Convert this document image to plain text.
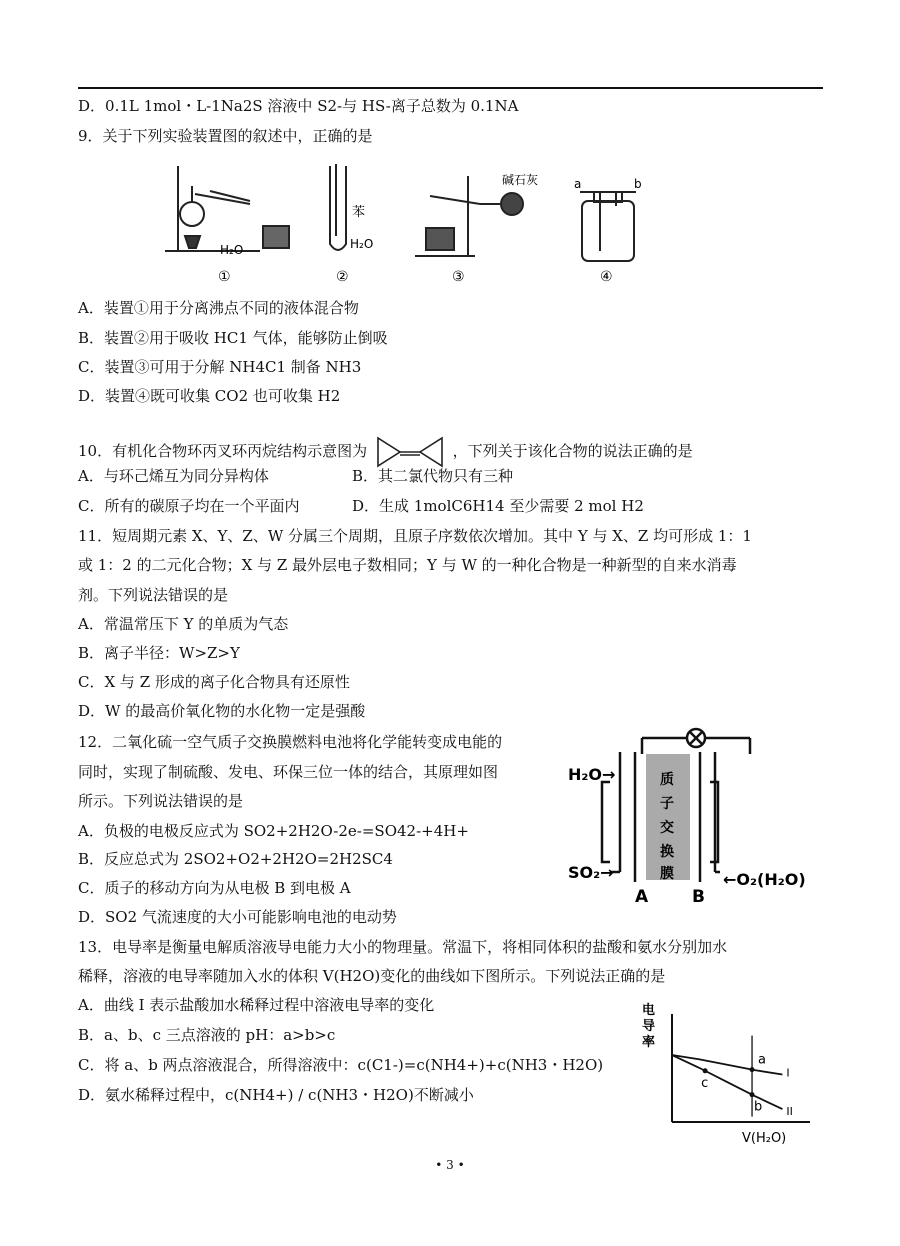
D．0.1L 1mol・L-1Na2S 溶液中 S2-与 HS-离子总数为 0.1NA
9．关于下列实验装置图的叙述中，正确的是
H₂O
①
苯
H₂O
②
碱石灰
③
a	b
④
A．装置①用于分离沸点不同的液体混合物
B．装置②用于吸收 HC1 气体，能够防止倒吸
C．装置③可用于分解 NH4C1 制备 NH3
D．装置④既可收集 CO2 也可收集 H2
10．有机化合物环丙叉环丙烷结构示意图为	，下列关于该化合物的说法正确的是
A．与环己烯互为同分异构体	B．其二氯代物只有三种
C．所有的碳原子均在一个平面内	D．生成 1molC6H14 至少需要 2 mol H2
11．短周期元素 X、Y、Z、W 分属三个周期，且原子序数依次增加。其中 Y 与 X、Z 均可形成 1：1
或 1：2 的二元化合物；X 与 Z 最外层电子数相同；Y 与 W 的一种化合物是一种新型的自来水消毒
剂。下列说法错误的是
A．常温常压下 Y 的单质为气态
B．离子半径：W>Z>Y
C．X 与 Z 形成的离子化合物具有还原性
D．W 的最高价氧化物的水化物一定是强酸
12．二氧化硫一空气质子交换膜燃料电池将化学能转变成电能的
同时，实现了制硫酸、发电、环保三位一体的结合，其原理如图
所示。下列说法错误的是
A．负极的电极反应式为 SO2+2H2O-2e-=SO42-+4H+
B．反应总式为 2SO2+O2+2H2O=2H2SC4
C．质子的移动方向为从电极 B 到电极 A
D．SO2 气流速度的大小可能影响电池的电动势
H₂O→
SO₂→	←O₂(H₂O)
质
子
交
换
膜
A	B
13．电导率是衡量电解质溶液导电能力大小的物理量。常温下，将相同体积的盐酸和氨水分别加水
稀释，溶液的电导率随加入水的体积 V(H2O)变化的曲线如下图所示。下列说法正确的是
A．曲线 I 表示盐酸加水稀释过程中溶液电导率的变化
B．a、b、c 三点溶液的 pH：a>b>c
C．将 a、b 两点溶液混合，所得溶液中：c(C1-)=c(NH4+)+c(NH3・H2O)
D．氨水稀释过程中，c(NH4+) / c(NH3・H2O)不断减小
电
导
率
V(H₂O)
I
II
a
b
c
• 3 •
